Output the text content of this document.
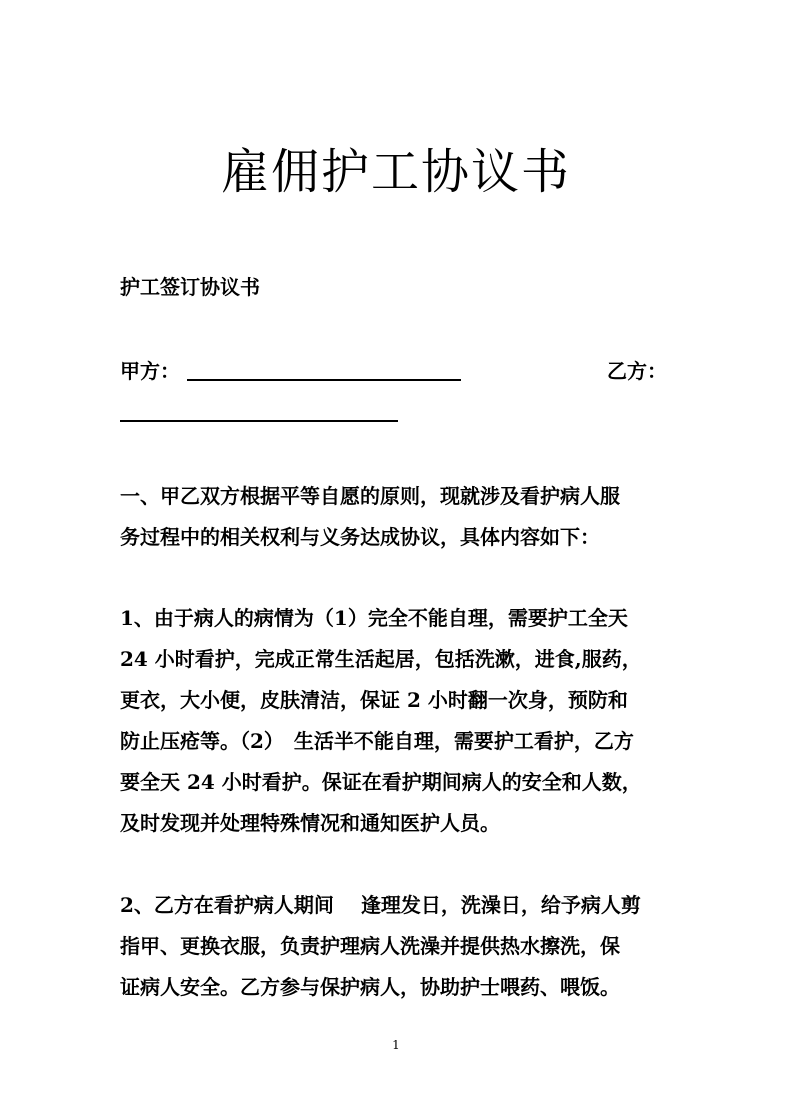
雇佣护工协议书
护工签订协议书
甲方：	乙方：
一、甲乙双方根据平等自愿的原则，现就涉及看护病人服
务过程中的相关权利与义务达成协议，具体内容如下：
1、由于病人的病情为（1）完全不能自理，需要护工全天
24 小时看护，完成正常生活起居，包括洗漱，进食,服药，
更衣，大小便，皮肤清洁，保证 2 小时翻一次身，预防和
防止压疮等。（2）　生活半不能自理，需要护工看护，乙方
要全天 24 小时看护。保证在看护期间病人的安全和人数，
及时发现并处理特殊情况和通知医护人员。
2、乙方在看护病人期间　 逢理发日，洗澡日，给予病人剪
指甲、更换衣服，负责护理病人洗澡并提供热水擦洗，保
证病人安全。乙方参与保护病人，协助护士喂药、喂饭。
1
